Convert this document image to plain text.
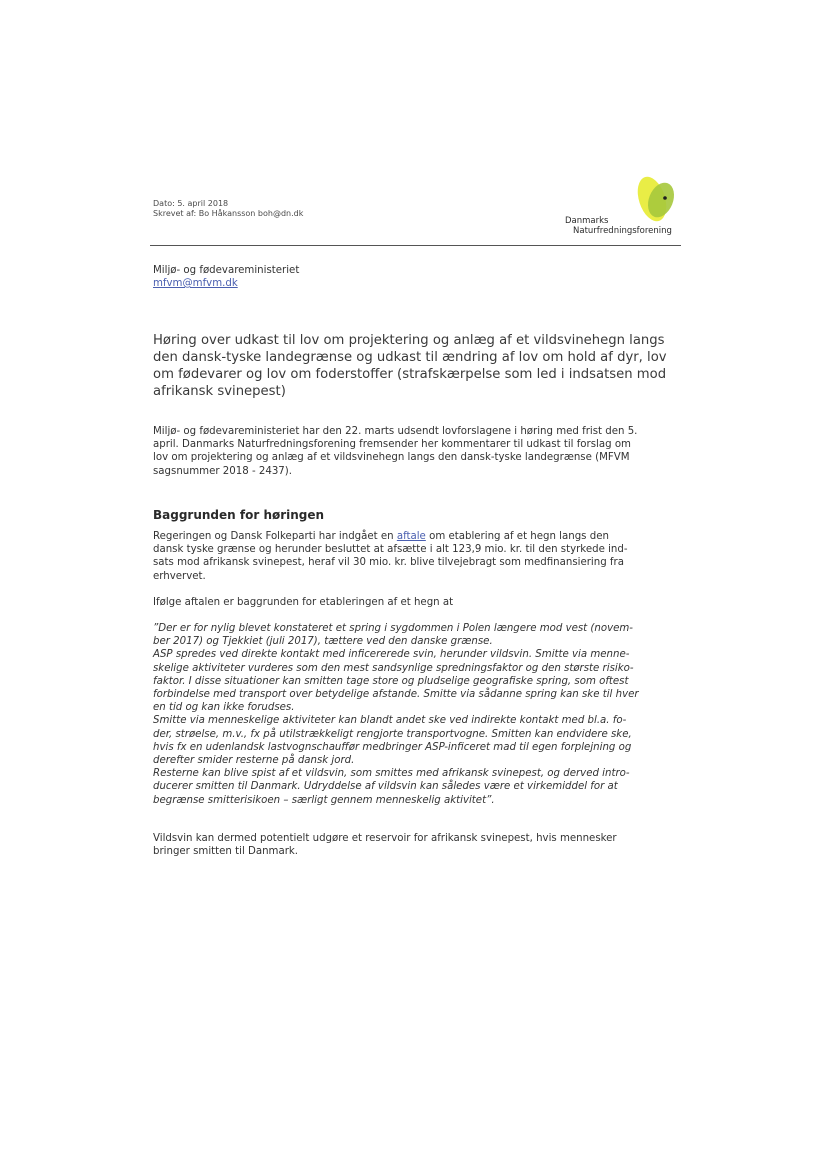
Dato: 5. april 2018
Skrevet af: Bo Håkansson boh@dn.dk
Danmarks
Naturfredningsforening
Miljø- og fødevareministeriet
mfvm@mfvm.dk
Høring over udkast til lov om projektering og anlæg af et vildsvinehegn langs
den dansk-tyske landegrænse og udkast til ændring af lov om hold af dyr, lov
om fødevarer og lov om foderstoffer (strafskærpelse som led i indsatsen mod
afrikansk svinepest)
Miljø- og fødevareministeriet har den 22. marts udsendt lovforslagene i høring med frist den 5.
april. Danmarks Naturfredningsforening fremsender her kommentarer til udkast til forslag om
lov om projektering og anlæg af et vildsvinehegn langs den dansk-tyske landegrænse (MFVM
sagsnummer 2018 - 2437).
Baggrunden for høringen
Regeringen og Dansk Folkeparti har indgået en aftale om etablering af et hegn langs den
dansk tyske grænse og herunder besluttet at afsætte i alt 123,9 mio. kr. til den styrkede ind-
sats mod afrikansk svinepest, heraf vil 30 mio. kr. blive tilvejebragt som medfinansiering fra
erhvervet.
Ifølge aftalen er baggrunden for etableringen af et hegn at
”Der er for nylig blevet konstateret et spring i sygdommen i Polen længere mod vest (novem-
ber 2017) og Tjekkiet (juli 2017), tættere ved den danske grænse.
ASP spredes ved direkte kontakt med inficererede svin, herunder vildsvin. Smitte via menne-
skelige aktiviteter vurderes som den mest sandsynlige spredningsfaktor og den største risiko-
faktor. I disse situationer kan smitten tage store og pludselige geografiske spring, som oftest
forbindelse med transport over betydelige afstande. Smitte via sådanne spring kan ske til hver
en tid og kan ikke forudses.
Smitte via menneskelige aktiviteter kan blandt andet ske ved indirekte kontakt med bl.a. fo-
der, strøelse, m.v., fx på utilstrækkeligt rengjorte transportvogne. Smitten kan endvidere ske,
hvis fx en udenlandsk lastvognschauffør medbringer ASP-inficeret mad til egen forplejning og
derefter smider resterne på dansk jord.
Resterne kan blive spist af et vildsvin, som smittes med afrikansk svinepest, og derved intro-
ducerer smitten til Danmark. Udryddelse af vildsvin kan således være et virkemiddel for at
begrænse smitterisikoen – særligt gennem menneskelig aktivitet”.
Vildsvin kan dermed potentielt udgøre et reservoir for afrikansk svinepest, hvis mennesker
bringer smitten til Danmark.
